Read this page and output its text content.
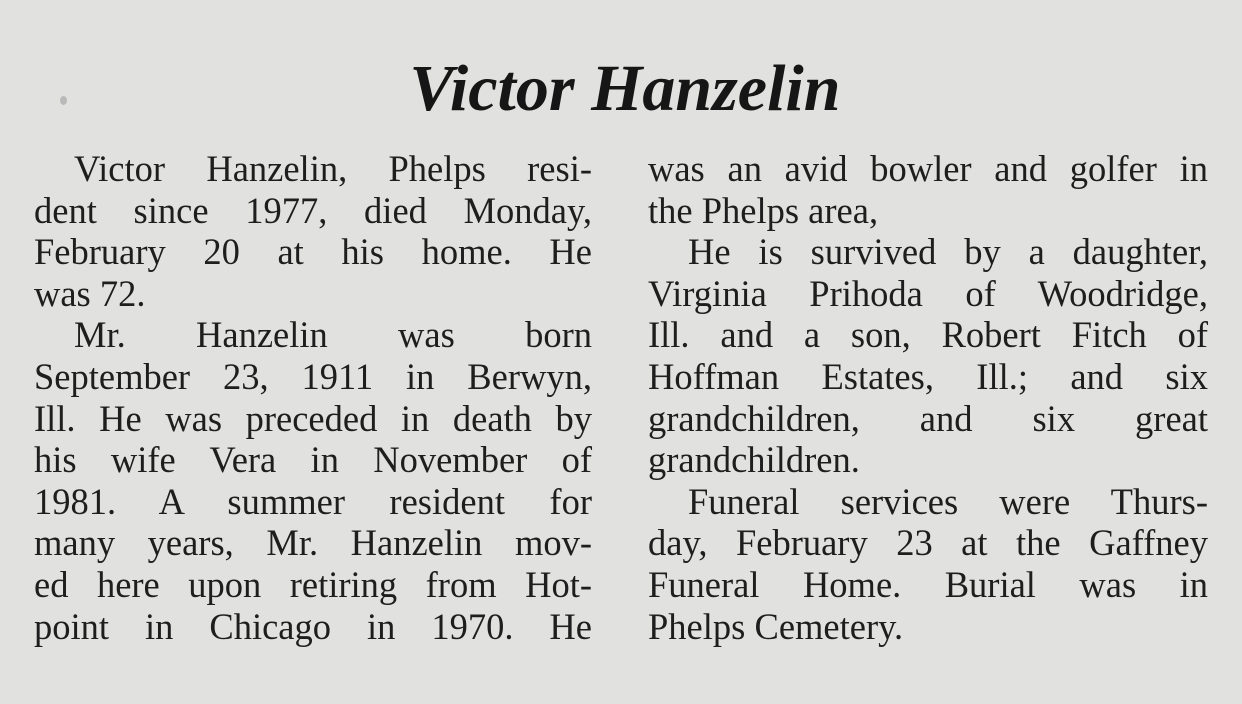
Victor Hanzelin
Victor Hanzelin, Phelps resi-
dent since 1977, died Monday,
February 20 at his home. He
was 72.
Mr. Hanzelin was born
September 23, 1911 in Berwyn,
Ill. He was preceded in death by
his wife Vera in November of
1981. A summer resident for
many years, Mr. Hanzelin mov-
ed here upon retiring from Hot-
point in Chicago in 1970. He
was an avid bowler and golfer in
the Phelps area,
He is survived by a daughter,
Virginia Prihoda of Woodridge,
Ill. and a son, Robert Fitch of
Hoffman Estates, Ill.; and six
grandchildren, and six great
grandchildren.
Funeral services were Thurs-
day, February 23 at the Gaffney
Funeral Home. Burial was in
Phelps Cemetery.
